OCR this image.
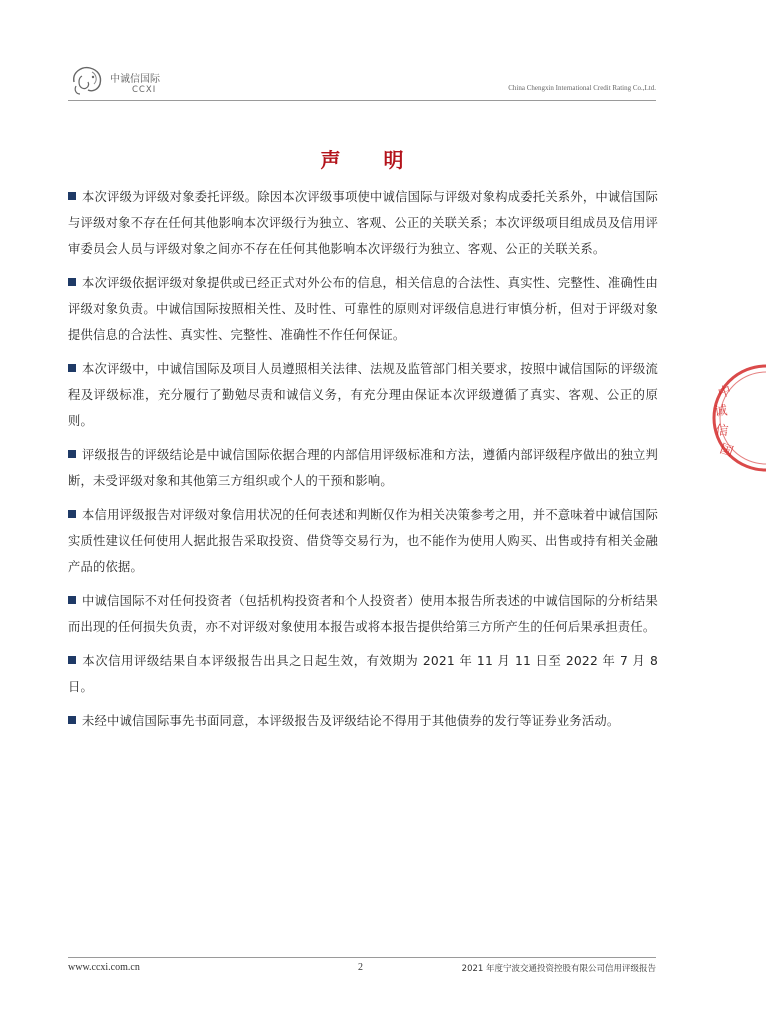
中诚信国际
CCXI	China Chengxin International Credit Rating Co.,Ltd.
声 明

本次评级为评级对象委托评级。除因本次评级事项使中诚信国际与评级对象构成委托关系外，中诚信国际与评级对象不存在任何其他影响本次评级行为独立、客观、公正的关联关系；本次评级项目组成员及信用评审委员会人员与评级对象之间亦不存在任何其他影响本次评级行为独立、客观、公正的关联关系。

本次评级依据评级对象提供或已经正式对外公布的信息，相关信息的合法性、真实性、完整性、准确性由评级对象负责。中诚信国际按照相关性、及时性、可靠性的原则对评级信息进行审慎分析，但对于评级对象提供信息的合法性、真实性、完整性、准确性不作任何保证。

本次评级中，中诚信国际及项目人员遵照相关法律、法规及监管部门相关要求，按照中诚信国际的评级流程及评级标准，充分履行了勤勉尽责和诚信义务，有充分理由保证本次评级遵循了真实、客观、公正的原则。

评级报告的评级结论是中诚信国际依据合理的内部信用评级标准和方法，遵循内部评级程序做出的独立判断，未受评级对象和其他第三方组织或个人的干预和影响。

本信用评级报告对评级对象信用状况的任何表述和判断仅作为相关决策参考之用，并不意味着中诚信国际实质性建议任何使用人据此报告采取投资、借贷等交易行为，也不能作为使用人购买、出售或持有相关金融产品的依据。

中诚信国际不对任何投资者（包括机构投资者和个人投资者）使用本报告所表述的中诚信国际的分析结果而出现的任何损失负责，亦不对评级对象使用本报告或将本报告提供给第三方所产生的任何后果承担责任。

本次信用评级结果自本评级报告出具之日起生效，有效期为 2021 年 11 月 11 日至 2022 年 7 月 8 日。

未经中诚信国际事先书面同意，本评级报告及评级结论不得用于其他债券的发行等证券业务活动。

中
诚
信
国
www.ccxi.com.cn	2	2021 年度宁波交通投资控股有限公司信用评级报告
